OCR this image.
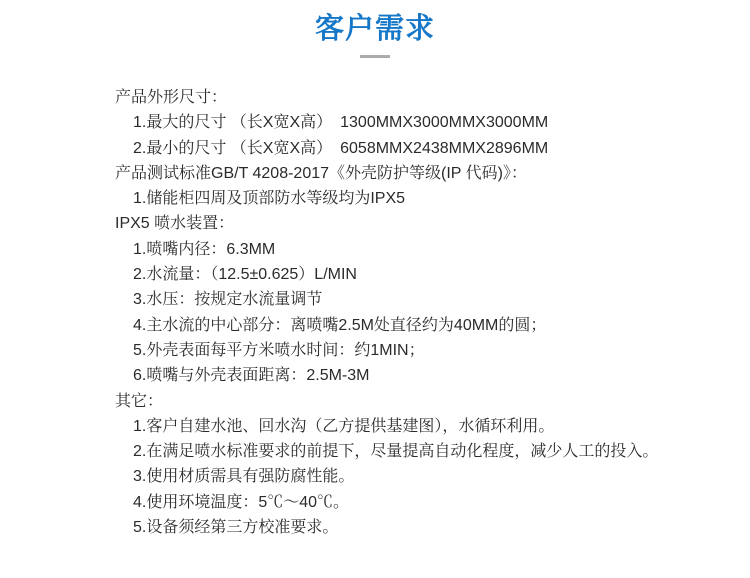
客户需求

产品外形尺寸：

1.最大的尺寸 （长X宽X高）　1300MMX3000MMX3000MM

2.最小的尺寸 （长X宽X高）　6058MMX2438MMX2896MM

产品测试标准GB/T 4208-2017《外壳防护等级(IP 代码)》：

1.储能柜四周及顶部防水等级均为IPX5

IPX5 喷水装置：

1.喷嘴内径：6.3MM

2.水流量：（12.5±0.625）L/MIN

3.水压：按规定水流量调节

4.主水流的中心部分：离喷嘴2.5M处直径约为40MM的圆；

5.外壳表面每平方米喷水时间：约1MIN；

6.喷嘴与外壳表面距离：2.5M-3M

其它：

1.客户自建水池、回水沟（乙方提供基建图），水循环利用。

2.在满足喷水标准要求的前提下，尽量提高自动化程度，减少人工的投入。

3.使用材质需具有强防腐性能。

4.使用环境温度：5℃～40℃。

5.设备须经第三方校准要求。
